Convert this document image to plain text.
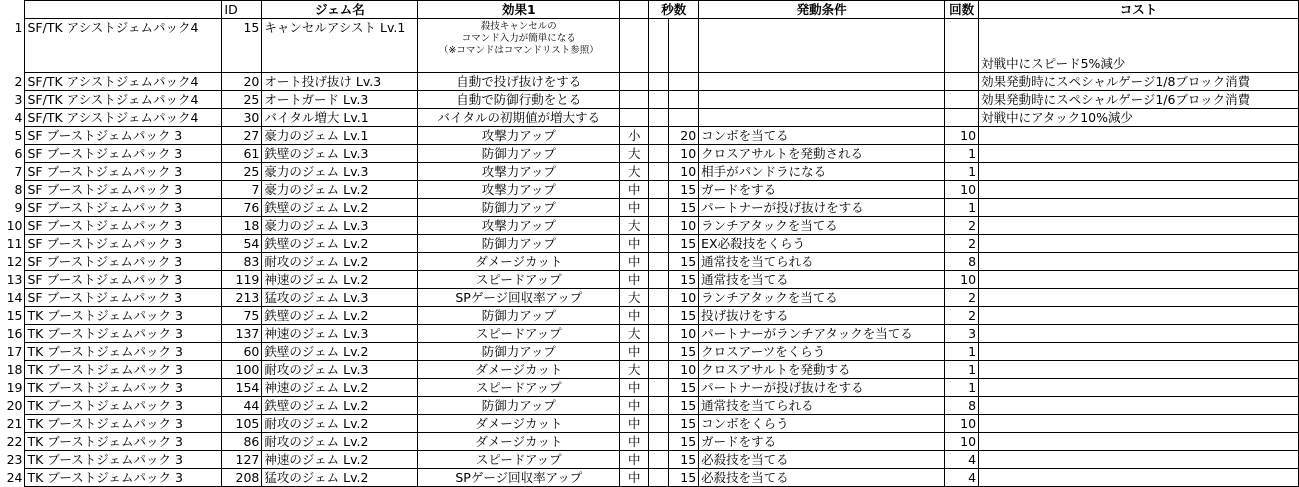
		ID	ジェム名	効果1		秒数		発動条件	回数	コスト
1	SF/TK アシストジェムパック4	15	キャンセルアシスト Lv.1	殺技キャンセルの
コマンド入力が簡単になる
（※コマンドはコマンドリスト参照）						対戦中にスピード5%減少
2	SF/TK アシストジェムパック4	20	オート投げ抜け Lv.3	自動で投げ抜けをする						効果発動時にスペシャルゲージ1/8ブロック消費
3	SF/TK アシストジェムパック4	25	オートガード Lv.3	自動で防御行動をとる						効果発動時にスペシャルゲージ1/6ブロック消費
4	SF/TK アシストジェムパック4	30	バイタル増大 Lv.1	バイタルの初期値が増大する						対戦中にアタック10%減少
5	SF ブーストジェムパック 3	27	豪力のジェム Lv.1	攻撃力アップ	小		20	コンボを当てる	10	
6	SF ブーストジェムパック 3	61	鉄壁のジェム Lv.3	防御力アップ	大		10	クロスアサルトを発動される	1	
7	SF ブーストジェムパック 3	25	豪力のジェム Lv.3	攻撃力アップ	大		10	相手がパンドラになる	1	
8	SF ブーストジェムパック 3	7	豪力のジェム Lv.2	攻撃力アップ	中		15	ガードをする	10	
9	SF ブーストジェムパック 3	76	鉄壁のジェム Lv.2	防御力アップ	中		15	パートナーが投げ抜けをする	1	
10	SF ブーストジェムパック 3	18	豪力のジェム Lv.3	攻撃力アップ	大		10	ランチアタックを当てる	2	
11	SF ブーストジェムパック 3	54	鉄壁のジェム Lv.2	防御力アップ	中		15	EX必殺技をくらう	2	
12	SF ブーストジェムパック 3	83	耐攻のジェム Lv.2	ダメージカット	中		15	通常技を当てられる	8	
13	SF ブーストジェムパック 3	119	神速のジェム Lv.2	スピードアップ	中		15	通常技を当てる	10	
14	SF ブーストジェムパック 3	213	猛攻のジェム Lv.3	SPゲージ回収率アップ	大		10	ランチアタックを当てる	2	
15	TK ブーストジェムパック 3	75	鉄壁のジェム Lv.2	防御力アップ	中		15	投げ抜けをする	2	
16	TK ブーストジェムパック 3	137	神速のジェム Lv.3	スピードアップ	大		10	パートナーがランチアタックを当てる	3	
17	TK ブーストジェムパック 3	60	鉄壁のジェム Lv.2	防御力アップ	中		15	クロスアーツをくらう	1	
18	TK ブーストジェムパック 3	100	耐攻のジェム Lv.3	ダメージカット	大		10	クロスアサルトを発動する	1	
19	TK ブーストジェムパック 3	154	神速のジェム Lv.2	スピードアップ	中		15	パートナーが投げ抜けをする	1	
20	TK ブーストジェムパック 3	44	鉄壁のジェム Lv.2	防御力アップ	中		15	通常技を当てられる	8	
21	TK ブーストジェムパック 3	105	耐攻のジェム Lv.2	ダメージカット	中		15	コンボをくらう	10	
22	TK ブーストジェムパック 3	86	耐攻のジェム Lv.2	ダメージカット	中		15	ガードをする	10	
23	TK ブーストジェムパック 3	127	神速のジェム Lv.2	スピードアップ	中		15	必殺技を当てる	4	
24	TK ブーストジェムパック 3	208	猛攻のジェム Lv.2	SPゲージ回収率アップ	中		15	必殺技を当てる	4	
